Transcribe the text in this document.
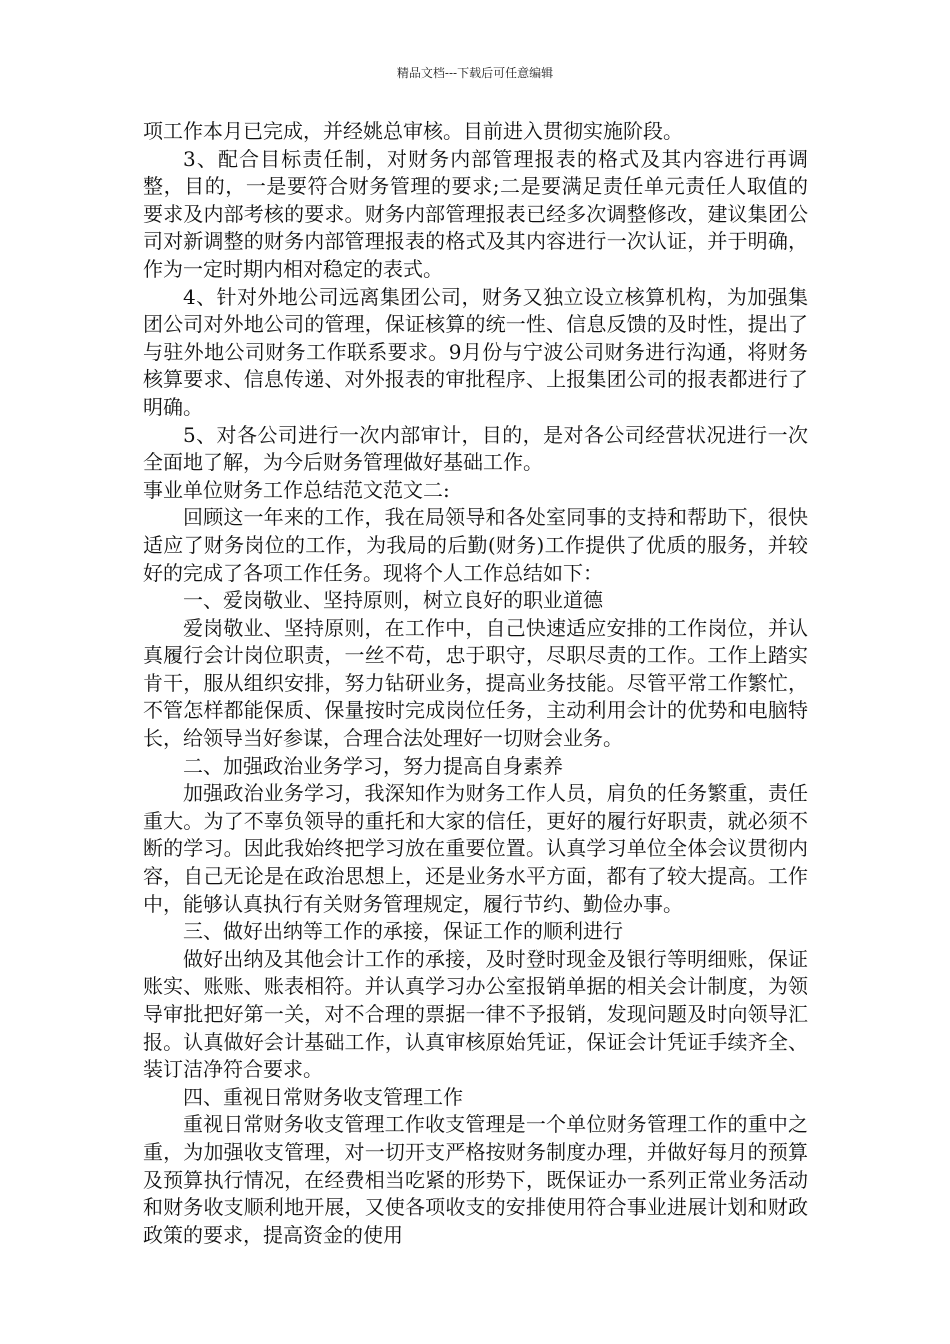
精品文档---下载后可任意编辑

项工作本月已完成，并经姚总审核。目前进入贯彻实施阶段。

3、配合目标责任制，对财务内部管理报表的格式及其内容进行再调整，目的，一是要符合财务管理的要求;二是要满足责任单元责任人取值的要求及内部考核的要求。财务内部管理报表已经多次调整修改，建议集团公司对新调整的财务内部管理报表的格式及其内容进行一次认证，并于明确，作为一定时期内相对稳定的表式。

4、针对外地公司远离集团公司，财务又独立设立核算机构，为加强集团公司对外地公司的管理，保证核算的统一性、信息反馈的及时性，提出了与驻外地公司财务工作联系要求。9月份与宁波公司财务进行沟通，将财务核算要求、信息传递、对外报表的审批程序、上报集团公司的报表都进行了明确。

5、对各公司进行一次内部审计，目的，是对各公司经营状况进行一次全面地了解，为今后财务管理做好基础工作。

事业单位财务工作总结范文范文二:

回顾这一年来的工作，我在局领导和各处室同事的支持和帮助下，很快适应了财务岗位的工作，为我局的后勤(财务)工作提供了优质的服务，并较好的完成了各项工作任务。现将个人工作总结如下：

一、爱岗敬业、坚持原则，树立良好的职业道德

爱岗敬业、坚持原则，在工作中，自己快速适应安排的工作岗位，并认真履行会计岗位职责，一丝不苟，忠于职守，尽职尽责的工作。工作上踏实肯干，服从组织安排，努力钻研业务，提高业务技能。尽管平常工作繁忙，不管怎样都能保质、保量按时完成岗位任务，主动利用会计的优势和电脑特长，给领导当好参谋，合理合法处理好一切财会业务。

二、加强政治业务学习，努力提高自身素养

加强政治业务学习，我深知作为财务工作人员，肩负的任务繁重，责任重大。为了不辜负领导的重托和大家的信任，更好的履行好职责，就必须不断的学习。因此我始终把学习放在重要位置。认真学习单位全体会议贯彻内容，自己无论是在政治思想上，还是业务水平方面，都有了较大提高。工作中，能够认真执行有关财务管理规定，履行节约、勤俭办事。

三、做好出纳等工作的承接，保证工作的顺利进行

做好出纳及其他会计工作的承接，及时登时现金及银行等明细账，保证账实、账账、账表相符。并认真学习办公室报销单据的相关会计制度，为领导审批把好第一关，对不合理的票据一律不予报销，发现问题及时向领导汇报。认真做好会计基础工作，认真审核原始凭证，保证会计凭证手续齐全、装订洁净符合要求。

四、重视日常财务收支管理工作

重视日常财务收支管理工作收支管理是一个单位财务管理工作的重中之重，为加强收支管理，对一切开支严格按财务制度办理，并做好每月的预算及预算执行情况，在经费相当吃紧的形势下，既保证办一系列正常业务活动和财务收支顺利地开展，又使各项收支的安排使用符合事业进展计划和财政政策的要求，提高资金的使用
